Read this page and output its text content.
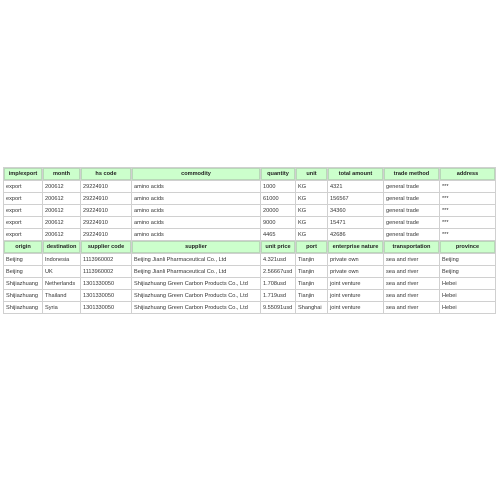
imp/export	month	hs code	commodity	quantity	unit	total amount	trade method	address
export	200612	29224910	amino acids	1000	KG	4321	general trade	***
export	200612	29224910	amino acids	61000	KG	156567	general trade	***
export	200612	29224910	amino acids	20000	KG	34360	general trade	***
export	200612	29224910	amino acids	9000	KG	15471	general trade	***
export	200612	29224910	amino acids	4465	KG	42686	general trade	***
origin	destination	supplier code	supplier	unit price	port	enterprise nature	transportation	province
Beijing	Indonesia	1113960002	Beijing Jianli Pharmaceutical Co., Ltd	4.321usd	Tianjin	private own	sea and river	Beijing
Beijing	UK	1113960002	Beijing Jianli Pharmaceutical Co., Ltd	2.56667usd	Tianjin	private own	sea and river	Beijing
Shijiazhuang	Netherlands	1301330050	Shijiazhuang Green Carbon Products Co., Ltd	1.708usd	Tianjin	joint venture	sea and river	Hebei
Shijiazhuang	Thailand	1301330050	Shijiazhuang Green Carbon Products Co., Ltd	1.719usd	Tianjin	joint venture	sea and river	Hebei
Shijiazhuang	Syria	1301330050	Shijiazhuang Green Carbon Products Co., Ltd	9.55091usd	Shanghai	joint venture	sea and river	Hebei
